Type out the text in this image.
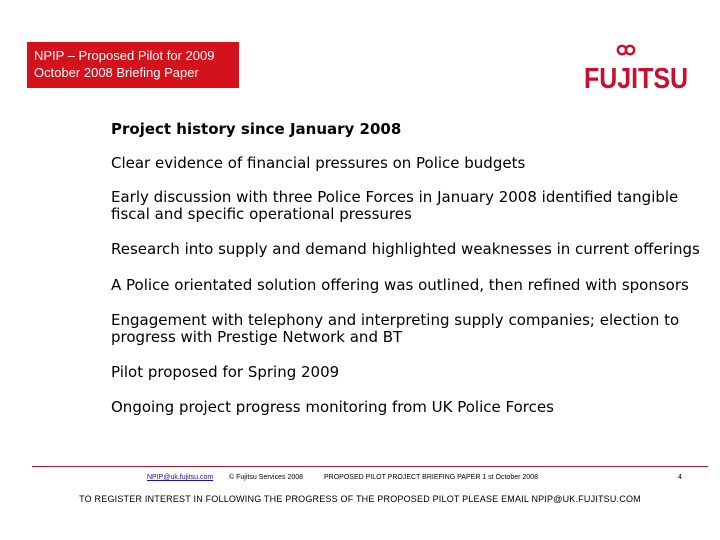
NPIP – Proposed Pilot for 2009
October 2008 Briefing Paper	FUJITSU
Project history since January 2008
Clear evidence of financial pressures on Police budgets
Early discussion with three Police Forces in January 2008 identified tangible fiscal and specific operational pressures
Research into supply and demand highlighted weaknesses in current offerings
A Police orientated solution offering was outlined, then refined with sponsors
Engagement with telephony and interpreting supply companies; election to progress with Prestige Network and BT
Pilot proposed for Spring 2009
Ongoing project progress monitoring from UK Police Forces
NPIP@uk.fujitsu.com © Fujitsu Services 2008	PROPOSED PILOT PROJECT BRIEFING PAPER 1 st October 2008	4
TO REGISTER INTEREST IN FOLLOWING THE PROGRESS OF THE PROPOSED PILOT PLEASE EMAIL NPIP@UK.FUJITSU.COM
